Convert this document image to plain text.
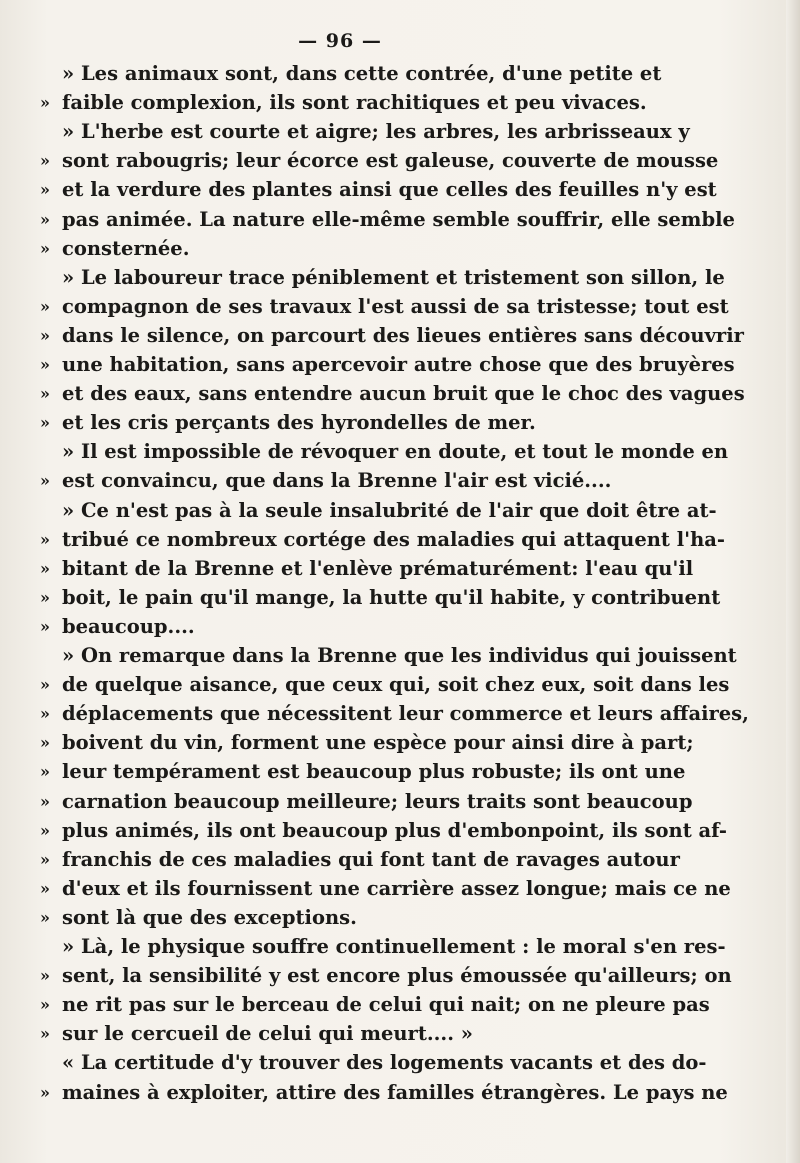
— 96 —
» Les animaux sont, dans cette contrée, d'une petite et
» faible complexion, ils sont rachitiques et peu vivaces.
» L'herbe est courte et aigre; les arbres, les arbrisseaux y
» sont rabougris; leur écorce est galeuse, couverte de mousse
» et la verdure des plantes ainsi que celles des feuilles n'y est
» pas animée. La nature elle-même semble souffrir, elle semble
» consternée.
» Le laboureur trace péniblement et tristement son sillon, le
» compagnon de ses travaux l'est aussi de sa tristesse; tout est
» dans le silence, on parcourt des lieues entières sans découvrir
» une habitation, sans apercevoir autre chose que des bruyères
» et des eaux, sans entendre aucun bruit que le choc des vagues
» et les cris perçants des hyrondelles de mer.
» Il est impossible de révoquer en doute, et tout le monde en
» est convaincu, que dans la Brenne l'air est vicié....
» Ce n'est pas à la seule insalubrité de l'air que doit être at-
» tribué ce nombreux cortége des maladies qui attaquent l'ha-
» bitant de la Brenne et l'enlève prématurément: l'eau qu'il
» boit, le pain qu'il mange, la hutte qu'il habite, y contribuent
» beaucoup....
» On remarque dans la Brenne que les individus qui jouissent
» de quelque aisance, que ceux qui, soit chez eux, soit dans les
» déplacements que nécessitent leur commerce et leurs affaires,
» boivent du vin, forment une espèce pour ainsi dire à part;
» leur tempérament est beaucoup plus robuste; ils ont une
» carnation beaucoup meilleure; leurs traits sont beaucoup
» plus animés, ils ont beaucoup plus d'embonpoint, ils sont af-
» franchis de ces maladies qui font tant de ravages autour
» d'eux et ils fournissent une carrière assez longue; mais ce ne
» sont là que des exceptions.
» Là, le physique souffre continuellement : le moral s'en res-
» sent, la sensibilité y est encore plus émoussée qu'ailleurs; on
» ne rit pas sur le berceau de celui qui nait; on ne pleure pas
» sur le cercueil de celui qui meurt.... »
« La certitude d'y trouver des logements vacants et des do-
» maines à exploiter, attire des familles étrangères. Le pays ne
